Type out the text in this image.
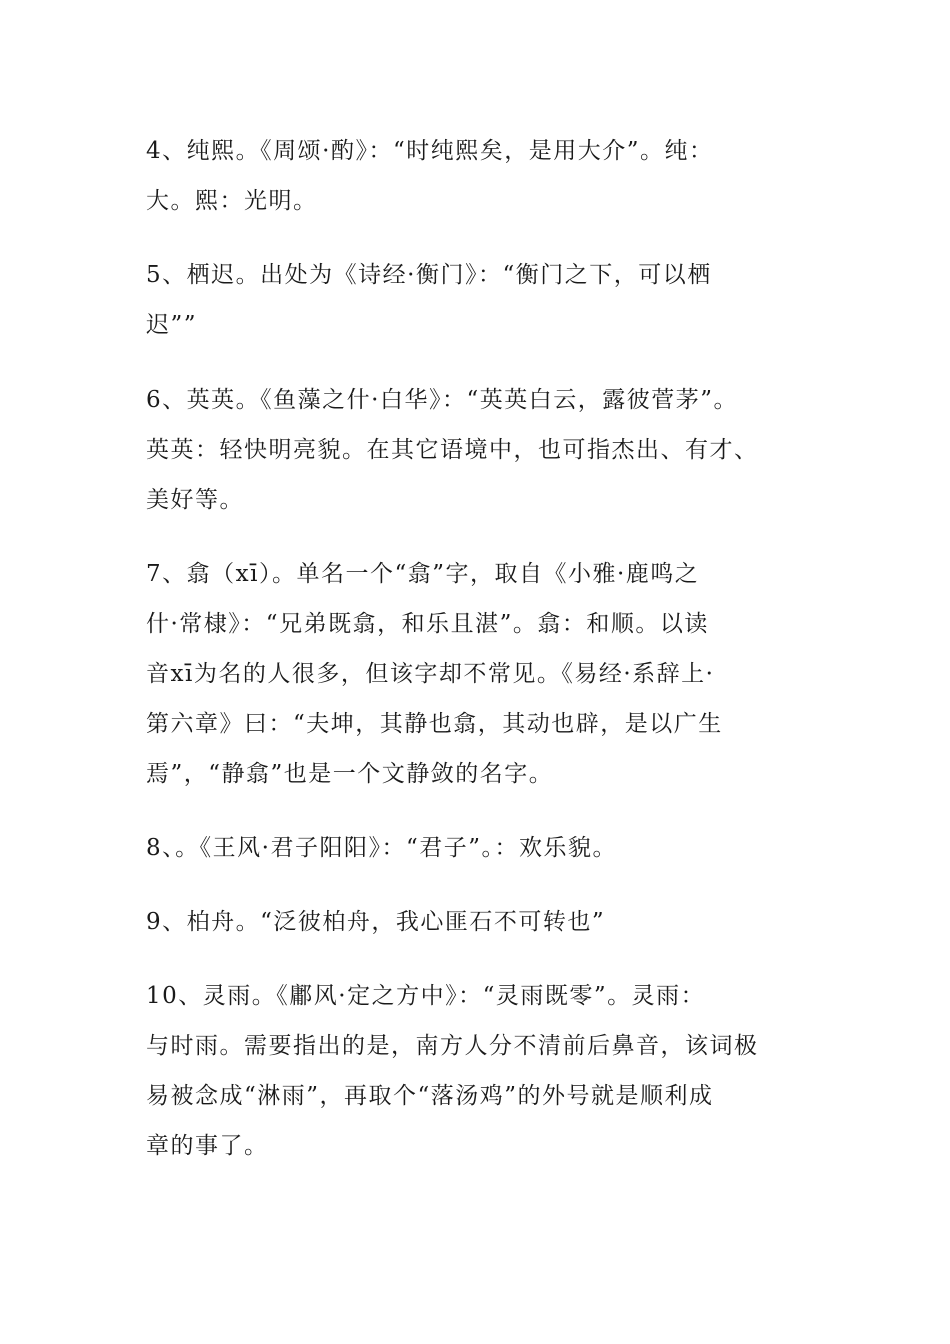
4、纯熙。《周颂·酌》：“时纯熙矣，是用大介”。纯：
大。熙：光明。

5、栖迟。出处为《诗经·衡门》：“衡门之下，可以栖
迟””

6、英英。《鱼藻之什·白华》：“英英白云，露彼菅茅”。
英英：轻快明亮貌。在其它语境中，也可指杰出、有才、
美好等。

7、翕（xī）。单名一个“翕”字，取自《小雅·鹿鸣之
什·常棣》：“兄弟既翕，和乐且湛”。翕：和顺。以读
音xī为名的人很多，但该字却不常见。《易经·系辞上·
第六章》曰：“夫坤，其静也翕，其动也辟，是以广生
焉”，“静翕”也是一个文静敛的名字。

8、。《王风·君子阳阳》：“君子”。：欢乐貌。

9、柏舟。“泛彼柏舟，我心匪石不可转也”

10、灵雨。《鄘风·定之方中》：“灵雨既零”。灵雨：
与时雨。需要指出的是，南方人分不清前后鼻音，该词极
易被念成“淋雨”，再取个“落汤鸡”的外号就是顺利成
章的事了。
